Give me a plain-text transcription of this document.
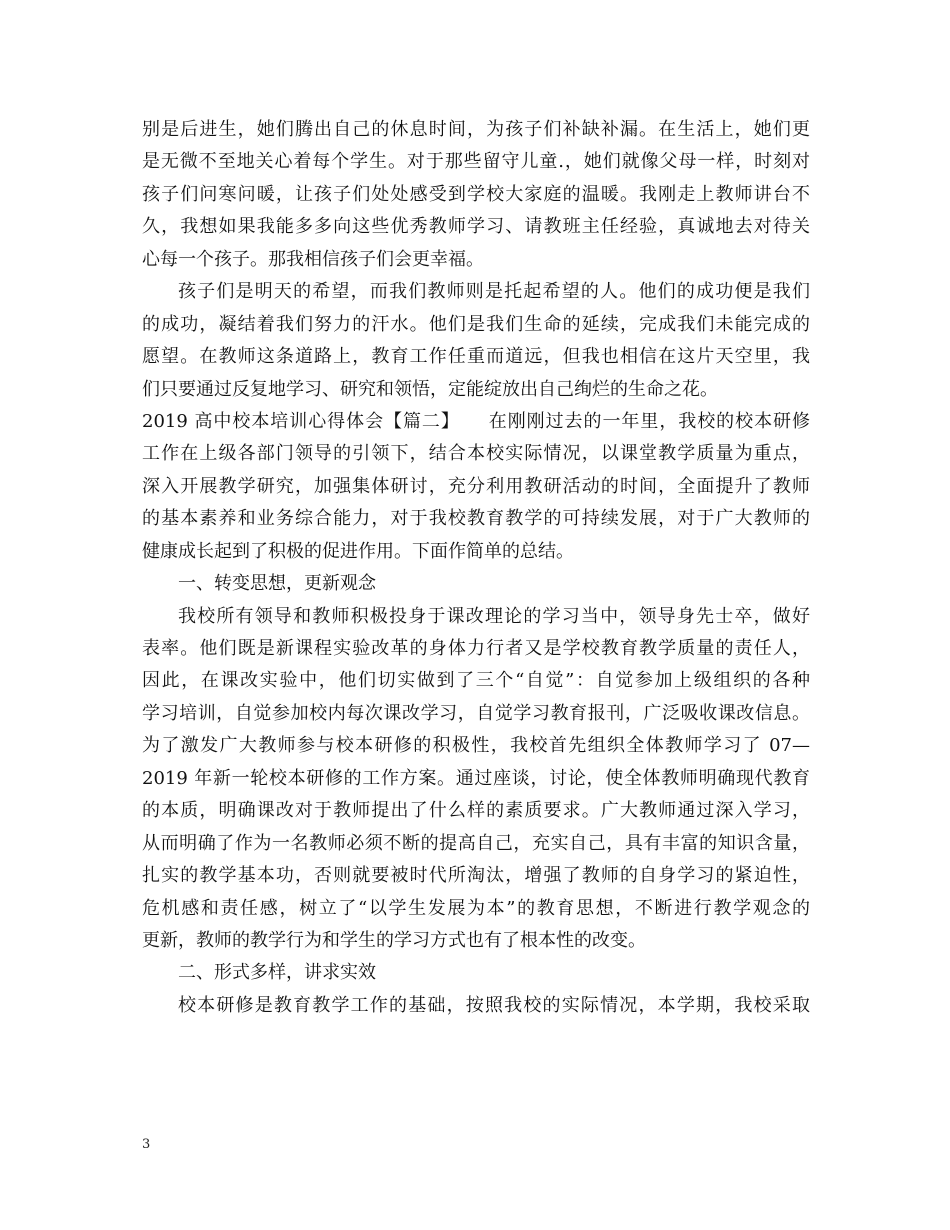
别是后进生，她们腾出自己的休息时间，为孩子们补缺补漏。在生活上，她们更
是无微不至地关心着每个学生。对于那些留守儿童.，她们就像父母一样，时刻对
孩子们问寒问暖，让孩子们处处感受到学校大家庭的温暖。我刚走上教师讲台不
久，我想如果我能多多向这些优秀教师学习、请教班主任经验，真诚地去对待关
心每一个孩子。那我相信孩子们会更幸福。
孩子们是明天的希望，而我们教师则是托起希望的人。他们的成功便是我们
的成功，凝结着我们努力的汗水。他们是我们生命的延续，完成我们未能完成的
愿望。在教师这条道路上，教育工作任重而道远，但我也相信在这片天空里，我
们只要通过反复地学习、研究和领悟，定能绽放出自己绚烂的生命之花。
2019 高中校本培训心得体会【篇二】　　在刚刚过去的一年里，我校的校本研修
工作在上级各部门领导的引领下，结合本校实际情况，以课堂教学质量为重点，
深入开展教学研究，加强集体研讨，充分利用教研活动的时间，全面提升了教师
的基本素养和业务综合能力，对于我校教育教学的可持续发展，对于广大教师的
健康成长起到了积极的促进作用。下面作简单的总结。
一、转变思想，更新观念
我校所有领导和教师积极投身于课改理论的学习当中，领导身先士卒，做好
表率。他们既是新课程实验改革的身体力行者又是学校教育教学质量的责任人，
因此，在课改实验中，他们切实做到了三个“自觉”：自觉参加上级组织的各种
学习培训，自觉参加校内每次课改学习，自觉学习教育报刊，广泛吸收课改信息。
为了激发广大教师参与校本研修的积极性，我校首先组织全体教师学习了 07—
2019 年新一轮校本研修的工作方案。通过座谈，讨论，使全体教师明确现代教育
的本质，明确课改对于教师提出了什么样的素质要求。广大教师通过深入学习，
从而明确了作为一名教师必须不断的提高自己，充实自己，具有丰富的知识含量，
扎实的教学基本功，否则就要被时代所淘汰，增强了教师的自身学习的紧迫性，
危机感和责任感，树立了“以学生发展为本”的教育思想，不断进行教学观念的
更新，教师的教学行为和学生的学习方式也有了根本性的改变。
二、形式多样，讲求实效
校本研修是教育教学工作的基础，按照我校的实际情况，本学期，我校采取
3
